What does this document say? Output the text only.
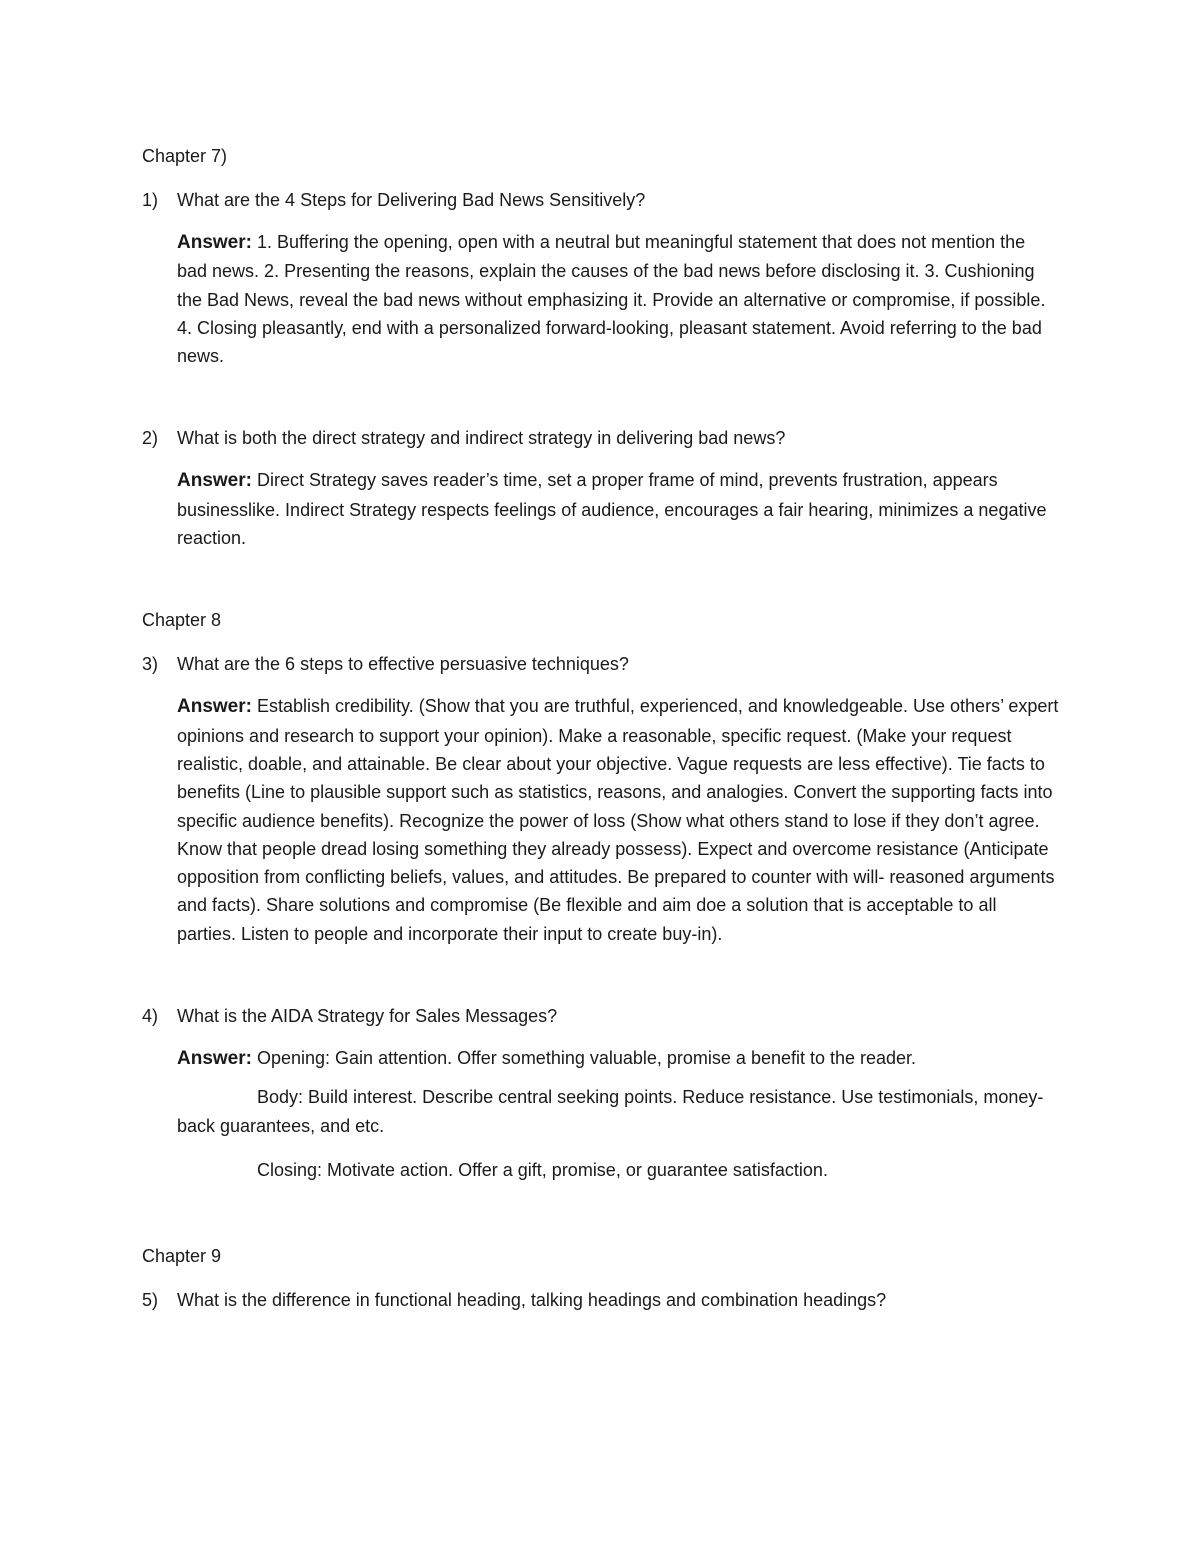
Chapter 7)
1)	What are the 4 Steps for Delivering Bad News Sensitively?

Answer: 1. Buffering the opening, open with a neutral but meaningful statement that does not mention the bad news. 2. Presenting the reasons, explain the causes of the bad news before disclosing it. 3. Cushioning the Bad News, reveal the bad news without emphasizing it. Provide an alternative or compromise, if possible. 4. Closing pleasantly, end with a personalized forward-looking, pleasant statement. Avoid referring to the bad news.

2)	What is both the direct strategy and indirect strategy in delivering bad news?

Answer: Direct Strategy saves reader’s time, set a proper frame of mind, prevents frustration, appears businesslike. Indirect Strategy respects feelings of audience, encourages a fair hearing, minimizes a negative reaction.

Chapter 8
3)	What are the 6 steps to effective persuasive techniques?

Answer: Establish credibility. (Show that you are truthful, experienced, and knowledgeable. Use others’ expert opinions and research to support your opinion). Make a reasonable, specific request. (Make your request realistic, doable, and attainable. Be clear about your objective. Vague requests are less effective). Tie facts to benefits (Line to plausible support such as statistics, reasons, and analogies. Convert the supporting facts into specific audience benefits). Recognize the power of loss (Show what others stand to lose if they don’t agree. Know that people dread losing something they already possess). Expect and overcome resistance (Anticipate opposition from conflicting beliefs, values, and attitudes. Be prepared to counter with will- reasoned arguments and facts). Share solutions and compromise (Be flexible and aim doe a solution that is acceptable to all parties. Listen to people and incorporate their input to create buy-in).

4)	What is the AIDA Strategy for Sales Messages?

Answer: Opening: Gain attention. Offer something valuable, promise a benefit to the reader.

Body: Build interest. Describe central seeking points. Reduce resistance. Use testimonials, money-back guarantees, and etc.

Closing: Motivate action. Offer a gift, promise, or guarantee satisfaction.

Chapter 9
5)	What is the difference in functional heading, talking headings and combination headings?
